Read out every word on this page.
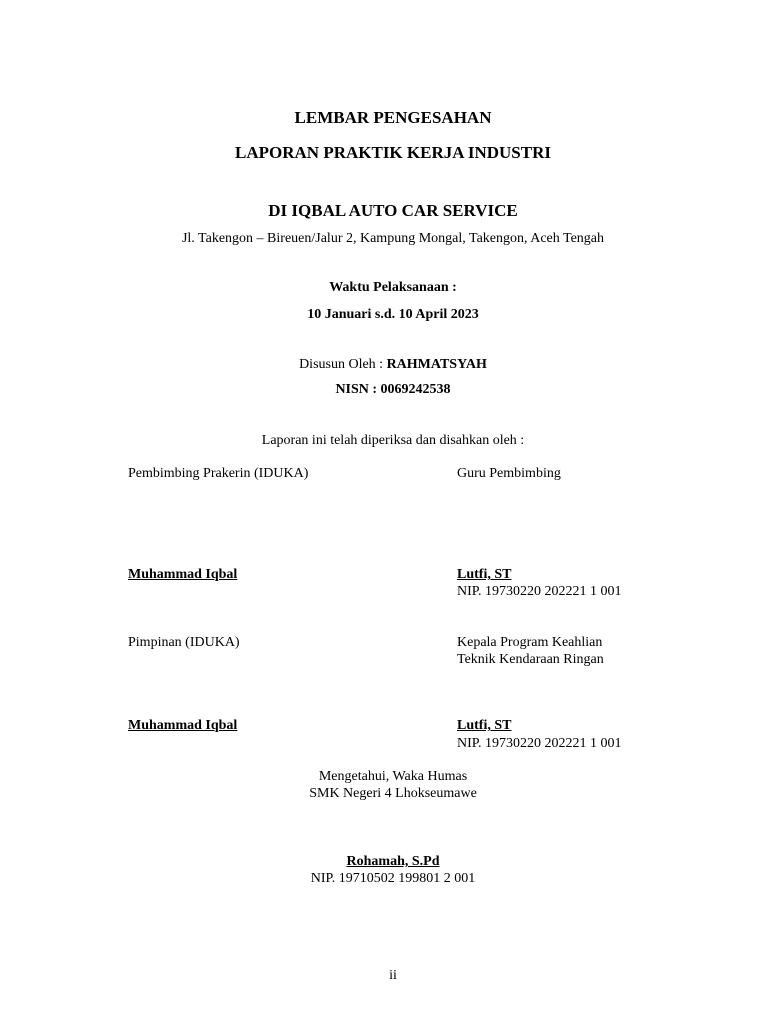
LEMBAR PENGESAHAN
LAPORAN PRAKTIK KERJA INDUSTRI
DI IQBAL AUTO CAR SERVICE
Jl. Takengon – Bireuen/Jalur 2, Kampung Mongal, Takengon, Aceh Tengah
Waktu Pelaksanaan :
10 Januari s.d. 10 April 2023
Disusun Oleh : RAHMATSYAH
NISN : 0069242538
Laporan ini telah diperiksa dan disahkan oleh :
Pembimbing Prakerin (IDUKA)	Guru Pembimbing
Muhammad Iqbal	Lutfi, ST
NIP. 19730220 202221 1 001
Pimpinan (IDUKA)	Kepala Program Keahlian
Teknik Kendaraan Ringan
Muhammad Iqbal	Lutfi, ST
NIP. 19730220 202221 1 001
Mengetahui, Waka Humas
SMK Negeri 4 Lhokseumawe
Rohamah, S.Pd
NIP. 19710502 199801 2 001
ii
